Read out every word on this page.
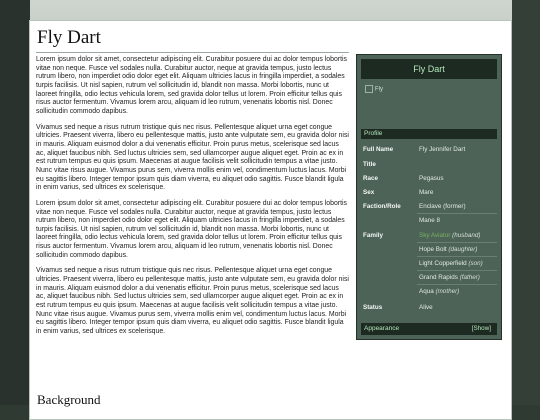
Fly Dart

Lorem ipsum dolor sit amet, consectetur adipiscing elit. Curabitur posuere dui ac dolor tempus lobortis vitae non neque. Fusce vel sodales nulla. Curabitur auctor, neque at gravida tempus, justo lectus rutrum libero, non imperdiet odio dolor eget elit. Aliquam ultricies lacus in fringilla imperdiet, a sodales turpis facilisis. Ut nisl sapien, rutrum vel sollicitudin id, blandit non massa. Morbi lobortis, nunc ut laoreet fringilla, odio lectus vehicula lorem, sed gravida dolor tellus ut lorem. Proin efficitur tellus quis risus auctor fermentum. Vivamus lorem arcu, aliquam id leo rutrum, venenatis lobortis nisl. Donec sollicitudin commodo dapibus.

Vivamus sed neque a risus rutrum tristique quis nec risus. Pellentesque aliquet urna eget congue ultricies. Praesent viverra, libero eu pellentesque mattis, justo ante vulputate sem, eu gravida dolor nisi in mauris. Aliquam euismod dolor a dui venenatis efficitur. Proin purus metus, scelerisque sed lacus ac, aliquet faucibus nibh. Sed luctus ultricies sem, sed ullamcorper augue aliquet eget. Proin ac ex in est rutrum tempus eu quis ipsum. Maecenas at augue facilisis velit sollicitudin tempus a vitae justo. Nunc vitae risus augue. Vivamus purus sem, viverra mollis enim vel, condimentum luctus lacus. Morbi eu sagittis libero. Integer tempor ipsum quis diam viverra, eu aliquet odio sagittis. Fusce blandit ligula in enim varius, sed ultrices ex scelerisque.

Lorem ipsum dolor sit amet, consectetur adipiscing elit. Curabitur posuere dui ac dolor tempus lobortis vitae non neque. Fusce vel sodales nulla. Curabitur auctor, neque at gravida tempus, justo lectus rutrum libero, non imperdiet odio dolor eget elit. Aliquam ultricies lacus in fringilla imperdiet, a sodales turpis facilisis. Ut nisl sapien, rutrum vel sollicitudin id, blandit non massa. Morbi lobortis, nunc ut laoreet fringilla, odio lectus vehicula lorem, sed gravida dolor tellus ut lorem. Proin efficitur tellus quis risus auctor fermentum. Vivamus lorem arcu, aliquam id leo rutrum, venenatis lobortis nisl. Donec sollicitudin commodo dapibus.

Vivamus sed neque a risus rutrum tristique quis nec risus. Pellentesque aliquet urna eget congue ultricies. Praesent viverra, libero eu pellentesque mattis, justo ante vulputate sem, eu gravida dolor nisi in mauris. Aliquam euismod dolor a dui venenatis efficitur. Proin purus metus, scelerisque sed lacus ac, aliquet faucibus nibh. Sed luctus ultricies sem, sed ullamcorper augue aliquet eget. Proin ac ex in est rutrum tempus eu quis ipsum. Maecenas at augue facilisis velit sollicitudin tempus a vitae justo. Nunc vitae risus augue. Vivamus purus sem, viverra mollis enim vel, condimentum luctus lacus. Morbi eu sagittis libero. Integer tempor ipsum quis diam viverra, eu aliquet odio sagittis. Fusce blandit ligula in enim varius, sed ultrices ex scelerisque.

Background
Fly Dart
Fly
Profile
Full Name	Fly Jennifer Dart
Title
Race	Pegasus
Sex	Mare
Faction/Role	Enclave (former)
Mane 8
Family	Sky Aviator (husband)
Hope Bolt (daughter)
Light Copperfield (son)
Grand Rapids (father)
Aqua (mother)
Status	Alive
Appearance	[Show]
